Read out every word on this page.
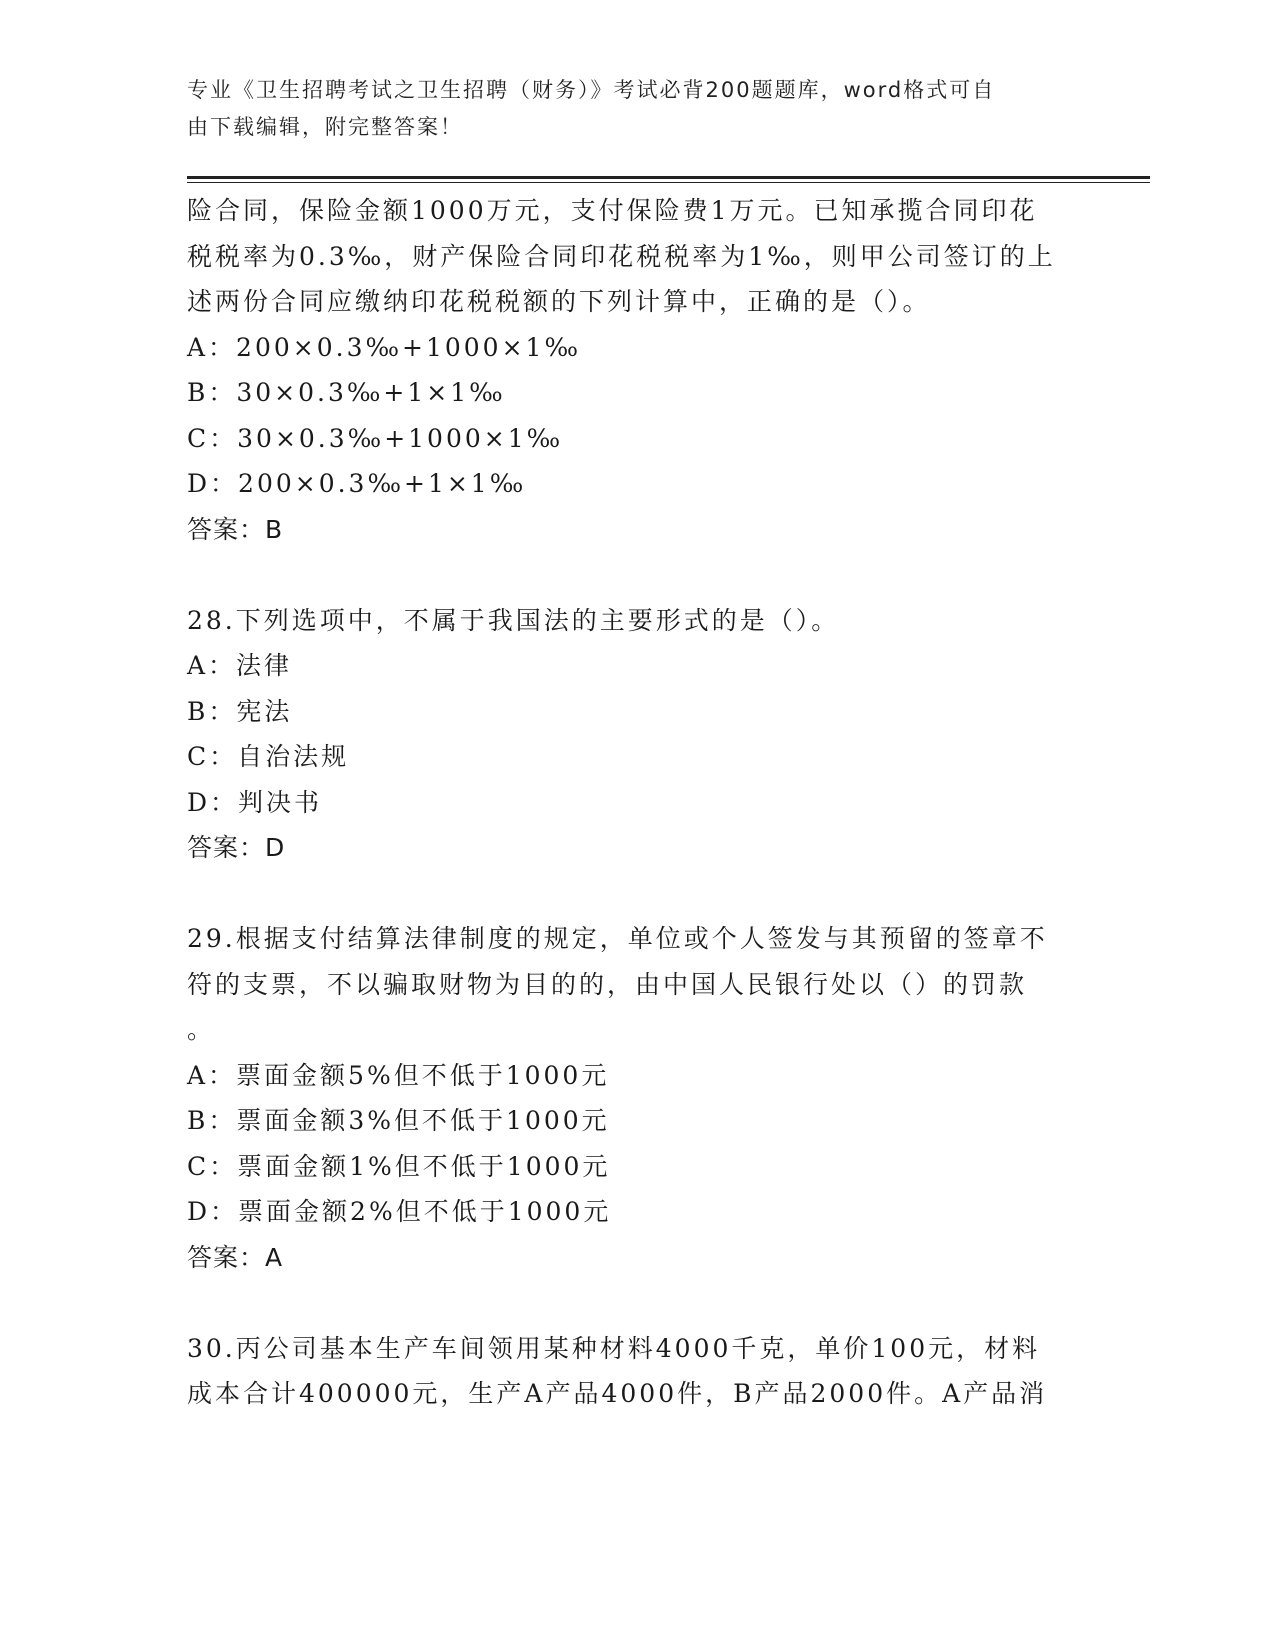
专业《卫生招聘考试之卫生招聘（财务）》考试必背200题题库，word格式可自
由下载编辑，附完整答案！

险合同，保险金额1000万元，支付保险费1万元。已知承揽合同印花

税税率为0.3‰，财产保险合同印花税税率为1‰，则甲公司签订的上

述两份合同应缴纳印花税税额的下列计算中，正确的是（）。

A：200×0.3‰+1000×1‰

B：30×0.3‰+1×1‰

C：30×0.3‰+1000×1‰

D：200×0.3‰+1×1‰

答案：B

28.下列选项中，不属于我国法的主要形式的是（）。

A：法律

B：宪法

C：自治法规

D：判决书

答案：D

29.根据支付结算法律制度的规定，单位或个人签发与其预留的签章不

符的支票，不以骗取财物为目的的，由中国人民银行处以（）的罚款

。

A：票面金额5%但不低于1000元

B：票面金额3%但不低于1000元

C：票面金额1%但不低于1000元

D：票面金额2%但不低于1000元

答案：A

30.丙公司基本生产车间领用某种材料4000千克，单价100元，材料

成本合计400000元，生产A产品4000件，B产品2000件。A产品消
